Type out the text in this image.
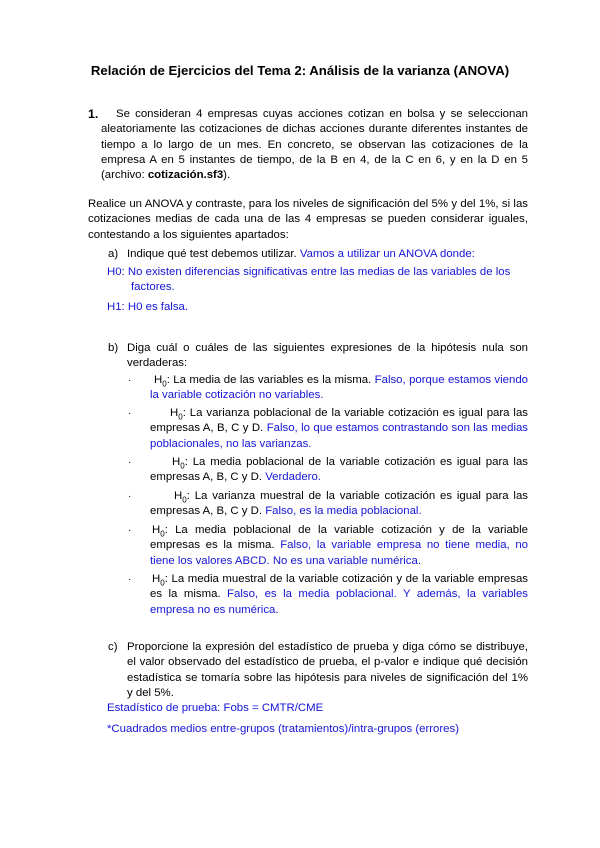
Relación de Ejercicios del Tema 2: Análisis de la varianza (ANOVA)
1.	Se consideran 4 empresas cuyas acciones cotizan en bolsa y se seleccionan aleatoriamente las cotizaciones de dichas acciones durante diferentes instantes de tiempo a lo largo de un mes. En concreto, se observan las cotizaciones de la empresa A en 5 instantes de tiempo, de la B en 4, de la C en 6, y en la D en 5 (archivo: cotización.sf3).
Realice un ANOVA y contraste, para los niveles de significación del 5% y del 1%, si las cotizaciones medias de cada una de las 4 empresas se pueden considerar iguales, contestando a los siguientes apartados:
a) Indique qué test debemos utilizar. Vamos a utilizar un ANOVA donde:
H0: No existen diferencias significativas entre las medias de las variables de los
factores.
H1: H0 es falsa.
b) Diga cuál o cuáles de las siguientes expresiones de la hipótesis nula son verdaderas:
·	$H_0$: La media de las variables es la misma. Falso, porque estamos viendo la variable cotización no variables.
·	$H_0$: La varianza poblacional de la variable cotización es igual para las empresas A, B, C y D. Falso, lo que estamos contrastando son las medias poblacionales, no las varianzas.
·	$H_0$: La media poblacional de la variable cotización es igual para las empresas A, B, C y D. Verdadero.
·	$H_0$: La varianza muestral de la variable cotización es igual para las empresas A, B, C y D. Falso, es la media poblacional.
· $H_0$: La media poblacional de la variable cotización y de la variable empresas es la misma. Falso, la variable empresa no tiene media, no tiene los valores ABCD. No es una variable numérica.
· $H_0$: La media muestral de la variable cotización y de la variable empresas es la misma. Falso, es la media poblacional. Y además, la variables empresa no es numérica.
c) Proporcione la expresión del estadístico de prueba y diga cómo se distribuye, el valor observado del estadístico de prueba, el p-valor e indique qué decisión estadística se tomaría sobre las hipótesis para niveles de significación del 1% y del 5%.
Estadístico de prueba: Fobs = CMTR/CME
*Cuadrados medios entre-grupos (tratamientos)/intra-grupos (errores)
